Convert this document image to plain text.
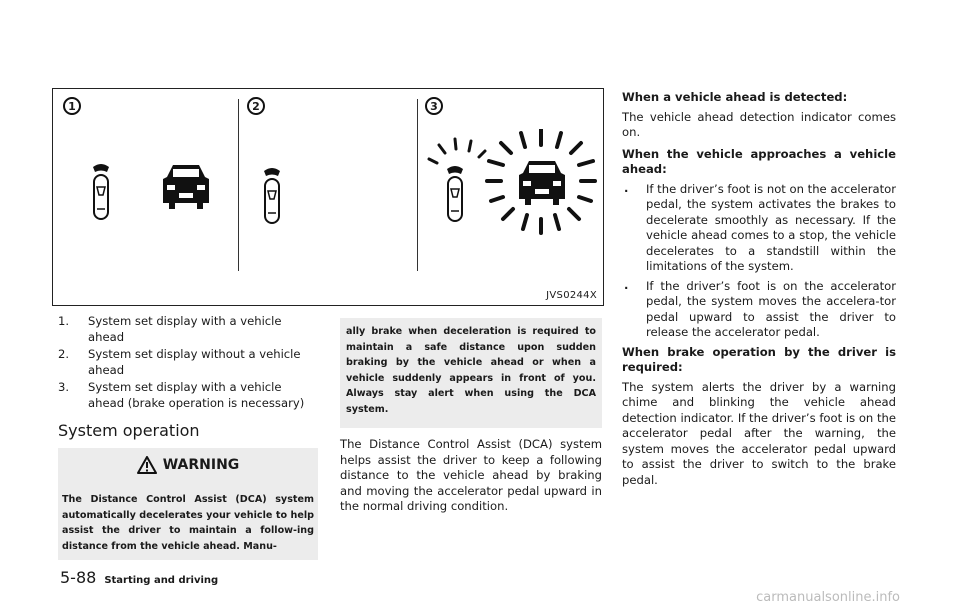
1	2	3
JVS0244X
1. System set display with a vehicle ahead
2. System set display without a vehicle ahead
3. System set display with a vehicle ahead (brake operation is necessary)
System operation
WARNING
The Distance Control Assist (DCA) system automatically decelerates your vehicle to help assist the driver to maintain a follow-ing distance from the vehicle ahead. Manu-
ally brake when deceleration is required to maintain a safe distance upon sudden braking by the vehicle ahead or when a vehicle suddenly appears in front of you. Always stay alert when using the DCA system.
The Distance Control Assist (DCA) system helps assist the driver to keep a following distance to the vehicle ahead by braking and moving the accelerator pedal upward in the normal driving condition.
When a vehicle ahead is detected:

The vehicle ahead detection indicator comes on.

When the vehicle approaches a vehicle ahead:
. If the driver’s foot is not on the accelerator pedal, the system activates the brakes to decelerate smoothly as necessary. If the vehicle ahead comes to a stop, the vehicle decelerates to a standstill within the limitations of the system.
. If the driver’s foot is on the accelerator pedal, the system moves the accelera-tor pedal upward to assist the driver to release the accelerator pedal.
When brake operation by the driver is required:

The system alerts the driver by a warning chime and blinking the vehicle ahead detection indicator. If the driver’s foot is on the accelerator pedal after the warning, the system moves the accelerator pedal upward to assist the driver to switch to the brake pedal.

5-88 Starting and driving
carmanualsonline.info
